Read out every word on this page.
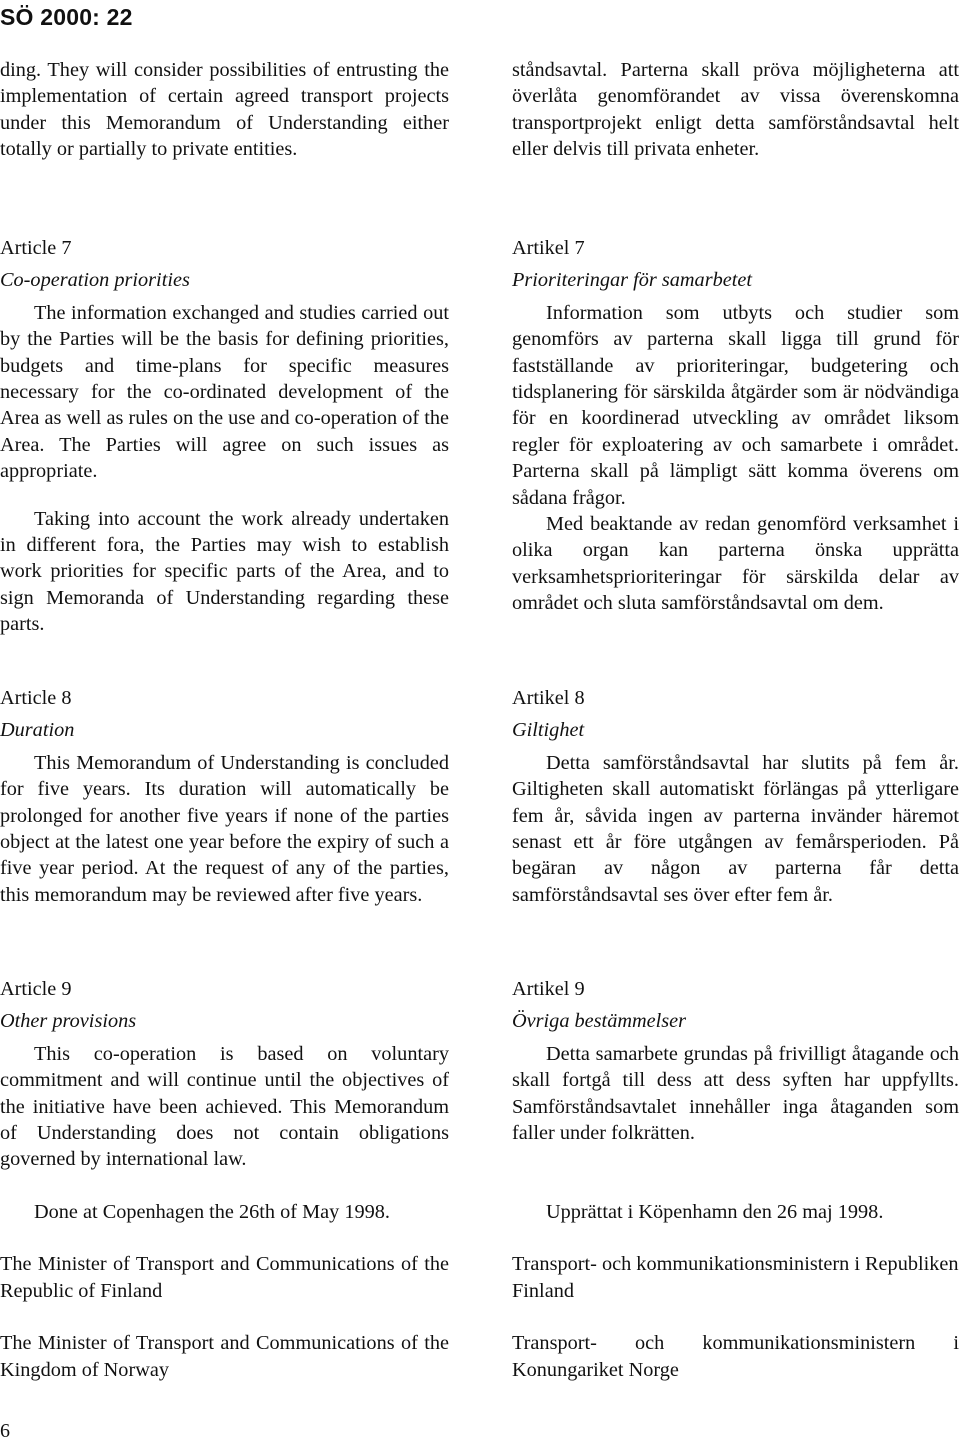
SÖ 2000: 22

ding. They will consider possibilities of entrusting the implementation of certain agreed transport projects under this Memorandum of Understanding either totally or partially to private entities.

Article 7
Co-operation priorities

The information exchanged and studies carried out by the Parties will be the basis for defining priorities, budgets and time-plans for specific measures necessary for the co-ordinated development of the Area as well as rules on the use and co-operation of the Area. The Parties will agree on such issues as appropriate.

Taking into account the work already undertaken in different fora, the Parties may wish to establish work priorities for specific parts of the Area, and to sign Memoranda of Understanding regarding these parts.

Article 8
Duration

This Memorandum of Understanding is concluded for five years. Its duration will automatically be prolonged for another five years if none of the parties object at the latest one year before the expiry of such a five year period. At the request of any of the parties, this memorandum may be reviewed after five years.

Article 9
Other provisions

This co-operation is based on voluntary commitment and will continue until the objectives of the initiative have been achieved. This Memorandum of Understanding does not contain obligations governed by international law.

Done at Copenhagen the 26th of May 1998.

The Minister of Transport and Communications of the Republic of Finland

The Minister of Transport and Communications of the Kingdom of Norway

ståndsavtal. Parterna skall pröva möjligheterna att överlåta genomförandet av vissa överenskomna transportprojekt enligt detta samförståndsavtal helt eller delvis till privata enheter.

Artikel 7
Prioriteringar för samarbetet

Information som utbyts och studier som genomförs av parterna skall ligga till grund för fastställande av prioriteringar, budgetering och tidsplanering för särskilda åtgärder som är nödvändiga för en koordinerad utveckling av området liksom regler för exploatering av och samarbete i området. Parterna skall på lämpligt sätt komma överens om sådana frågor.

Med beaktande av redan genomförd verksamhet i olika organ kan parterna önska upprätta verksamhetsprioriteringar för särskilda delar av området och sluta samförståndsavtal om dem.

Artikel 8
Giltighet

Detta samförståndsavtal har slutits på fem år. Giltigheten skall automatiskt förlängas på ytterligare fem år, såvida ingen av parterna invänder häremot senast ett år före utgången av femårsperioden. På begäran av någon av parterna får detta samförståndsavtal ses över efter fem år.

Artikel 9
Övriga bestämmelser

Detta samarbete grundas på frivilligt åtagande och skall fortgå till dess att dess syften har uppfyllts. Samförståndsavtalet innehåller inga åtaganden som faller under folkrätten.

Upprättat i Köpenhamn den 26 maj 1998.

Transport- och kommunikationsministern i Republiken Finland

Transport- och kommunikationsministern i Konungariket Norge

6
